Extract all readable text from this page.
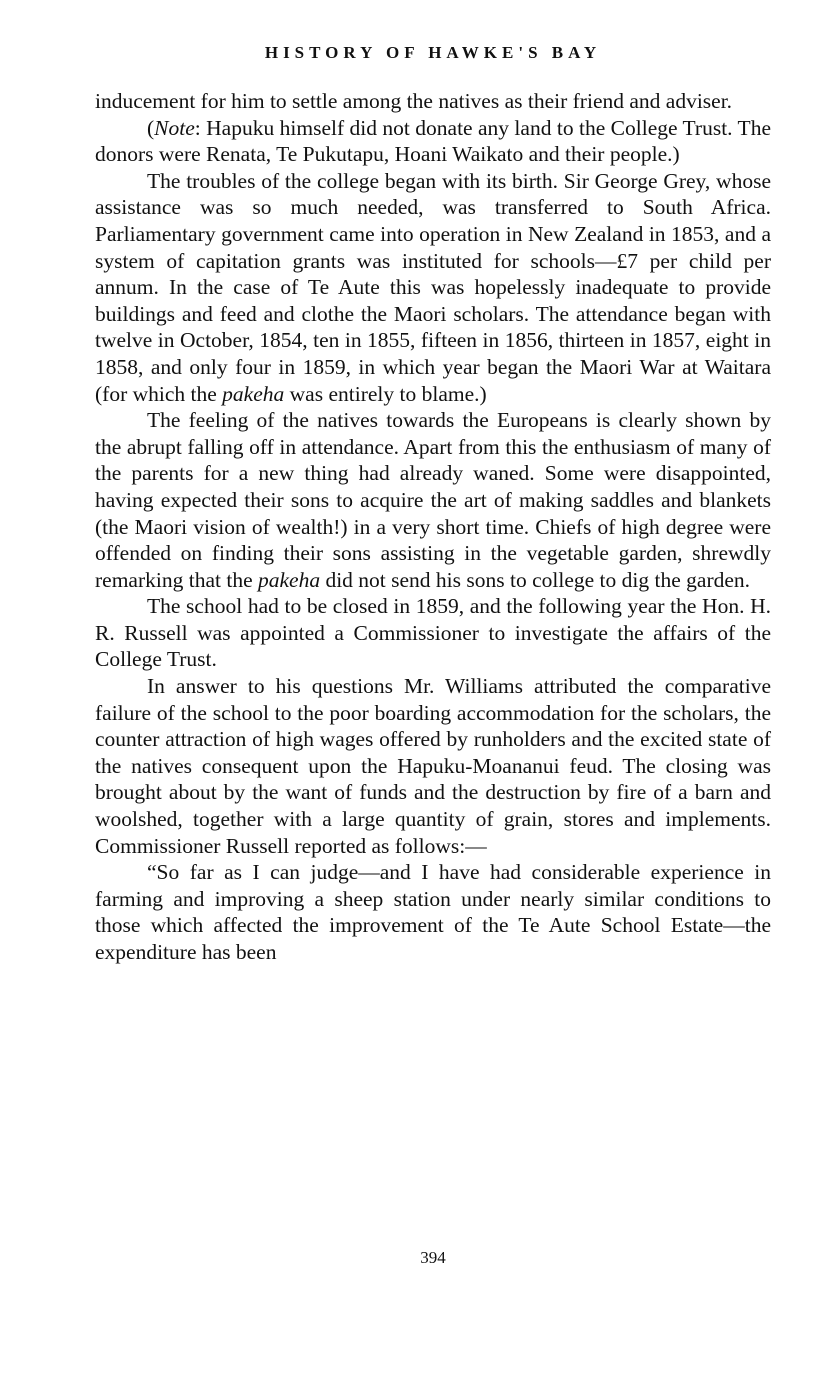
HISTORY OF HAWKE'S BAY

inducement for him to settle among the natives as their friend and adviser.

(Note: Hapuku himself did not donate any land to the College Trust. The donors were Renata, Te Pukutapu, Hoani Waikato and their people.)

The troubles of the college began with its birth. Sir George Grey, whose assistance was so much needed, was transferred to South Africa. Parliamentary government came into operation in New Zealand in 1853, and a system of capitation grants was instituted for schools—£7 per child per annum. In the case of Te Aute this was hopelessly inadequate to provide buildings and feed and clothe the Maori scholars. The attendance began with twelve in October, 1854, ten in 1855, fifteen in 1856, thirteen in 1857, eight in 1858, and only four in 1859, in which year began the Maori War at Waitara (for which the pakeha was entirely to blame.)

The feeling of the natives towards the Europeans is clearly shown by the abrupt falling off in attendance. Apart from this the enthusiasm of many of the parents for a new thing had already waned. Some were disappointed, having expected their sons to acquire the art of making saddles and blankets (the Maori vision of wealth!) in a very short time. Chiefs of high degree were offended on finding their sons assisting in the vegetable garden, shrewdly remarking that the pakeha did not send his sons to college to dig the garden.

The school had to be closed in 1859, and the following year the Hon. H. R. Russell was appointed a Commissioner to investigate the affairs of the College Trust.

In answer to his questions Mr. Williams attributed the comparative failure of the school to the poor boarding accommodation for the scholars, the counter attraction of high wages offered by runholders and the excited state of the natives consequent upon the Hapuku-Moananui feud. The closing was brought about by the want of funds and the destruction by fire of a barn and woolshed, together with a large quantity of grain, stores and implements. Commissioner Russell reported as follows:—

“So far as I can judge—and I have had considerable experience in farming and improving a sheep station under nearly similar conditions to those which affected the improvement of the Te Aute School Estate—the expenditure has been

394
